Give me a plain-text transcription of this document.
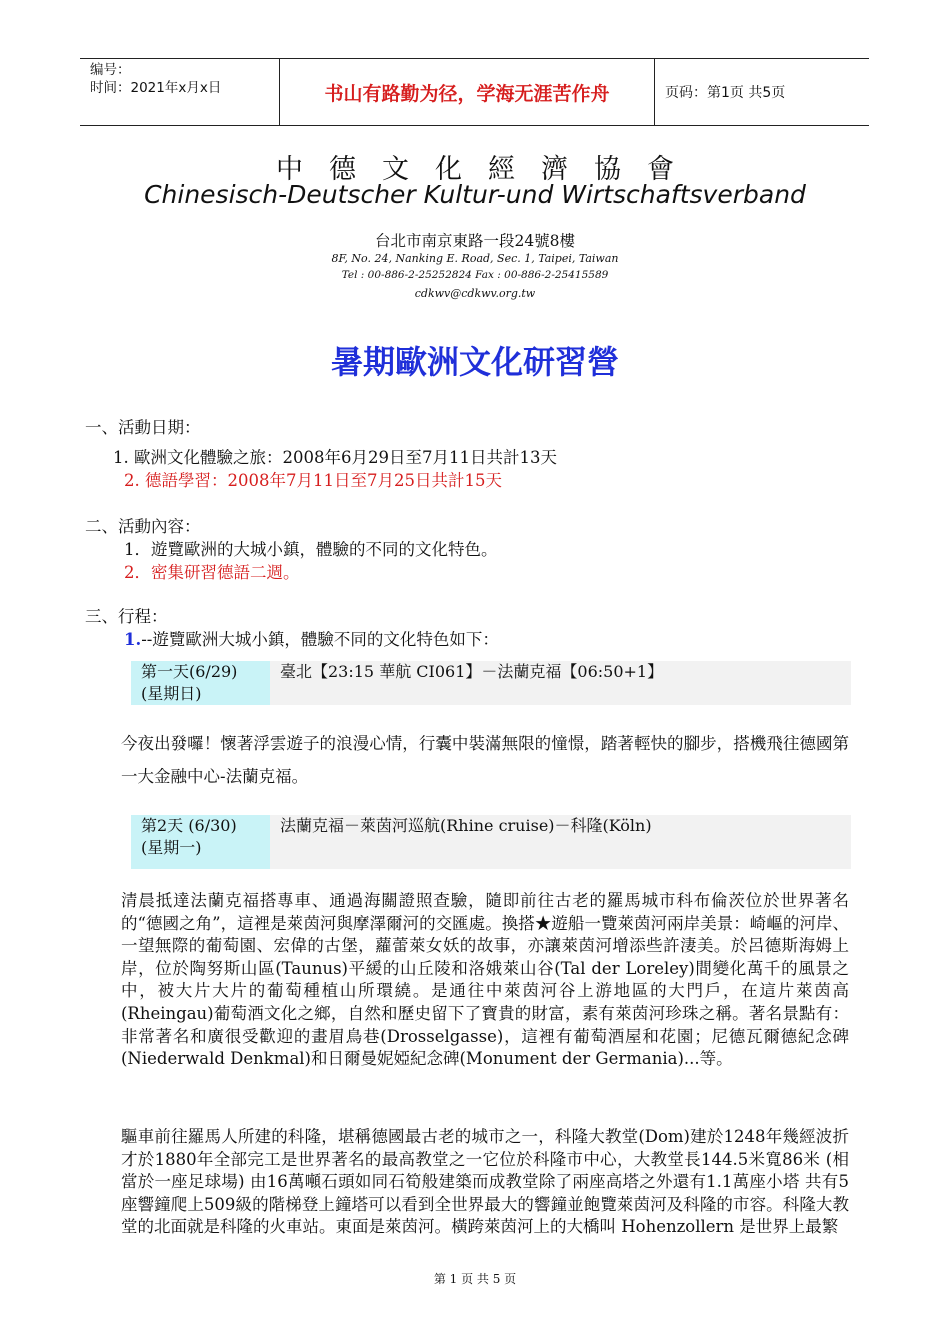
编号：
时间：2021年x月x日	书山有路勤为径，学海无涯苦作舟	页码：第1页 共5页
中德文化經濟協會
Chinesisch-Deutscher Kultur-und Wirtschaftsverband
台北市南京東路一段24號8樓
8F, No. 24, Nanking E. Road, Sec. 1, Taipei, Taiwan
Tel : 00-886-2-25252824 Fax : 00-886-2-25415589
cdkwv@cdkwv.org.tw
暑期歐洲文化研習營
一、活動日期：
1. 歐洲文化體驗之旅：2008年6月29日至7月11日共計13天
2. 德語學習：2008年7月11日至7月25日共計15天
二、活動內容：
1．遊覽歐洲的大城小鎮，體驗的不同的文化特色。
2．密集研習德語二週。
三、行程：
1.--遊覽歐洲大城小鎮，體驗不同的文化特色如下：
第一天(6/29)
(星期日)
臺北【23:15 華航 CI061】－法蘭克福【06:50+1】
今夜出發囉！懷著浮雲遊子的浪漫心情，行囊中裝滿無限的憧憬，踏著輕快的腳步，搭機飛往德國第一大金融中心-法蘭克福。
第2天 (6/30)
(星期一)
法蘭克福－萊茵河巡航(Rhine cruise)－科隆(Köln)
清晨抵達法蘭克福搭專車、通過海關證照查驗，隨即前往古老的羅馬城市科布倫茨位於世界著名的“德國之角”，這裡是萊茵河與摩澤爾河的交匯處。換搭★遊船一覽萊茵河兩岸美景：崎嶇的河岸、一望無際的葡萄園、宏偉的古堡，蘿蕾萊女妖的故事，亦讓萊茵河增添些許淒美。於呂德斯海姆上岸，位於陶努斯山區(Taunus)平緩的山丘陵和洛娥萊山谷(Tal der Loreley)間變化萬千的風景之中，被大片大片的葡萄種植山所環繞。是通往中萊茵河谷上游地區的大門戶，在這片萊茵高(Rheingau)葡萄酒文化之鄉，自然和歷史留下了寶貴的財富，素有萊茵河珍珠之稱。著名景點有：非常著名和廣很受歡迎的畫眉鳥巷(Drosselgasse)，這裡有葡萄酒屋和花園；尼德瓦爾德紀念碑(Niederwald Denkmal)和日爾曼妮婭紀念碑(Monument der Germania)...等。
驅車前往羅馬人所建的科隆，堪稱德國最古老的城市之一，科隆大教堂(Dom)建於1248年幾經波折才於1880年全部完工是世界著名的最高教堂之一它位於科隆市中心，大教堂長144.5米寬86米 (相當於一座足球場) 由16萬噸石頭如同石筍般建築而成教堂除了兩座高塔之外還有1.1萬座小塔 共有5座響鐘爬上509級的階梯登上鐘塔可以看到全世界最大的響鐘並飽覽萊茵河及科隆的市容。科隆大教堂的北面就是科隆的火車站。東面是萊茵河。橫跨萊茵河上的大橋叫 Hohenzollern 是世界上最繁
第 1 页 共 5 页
